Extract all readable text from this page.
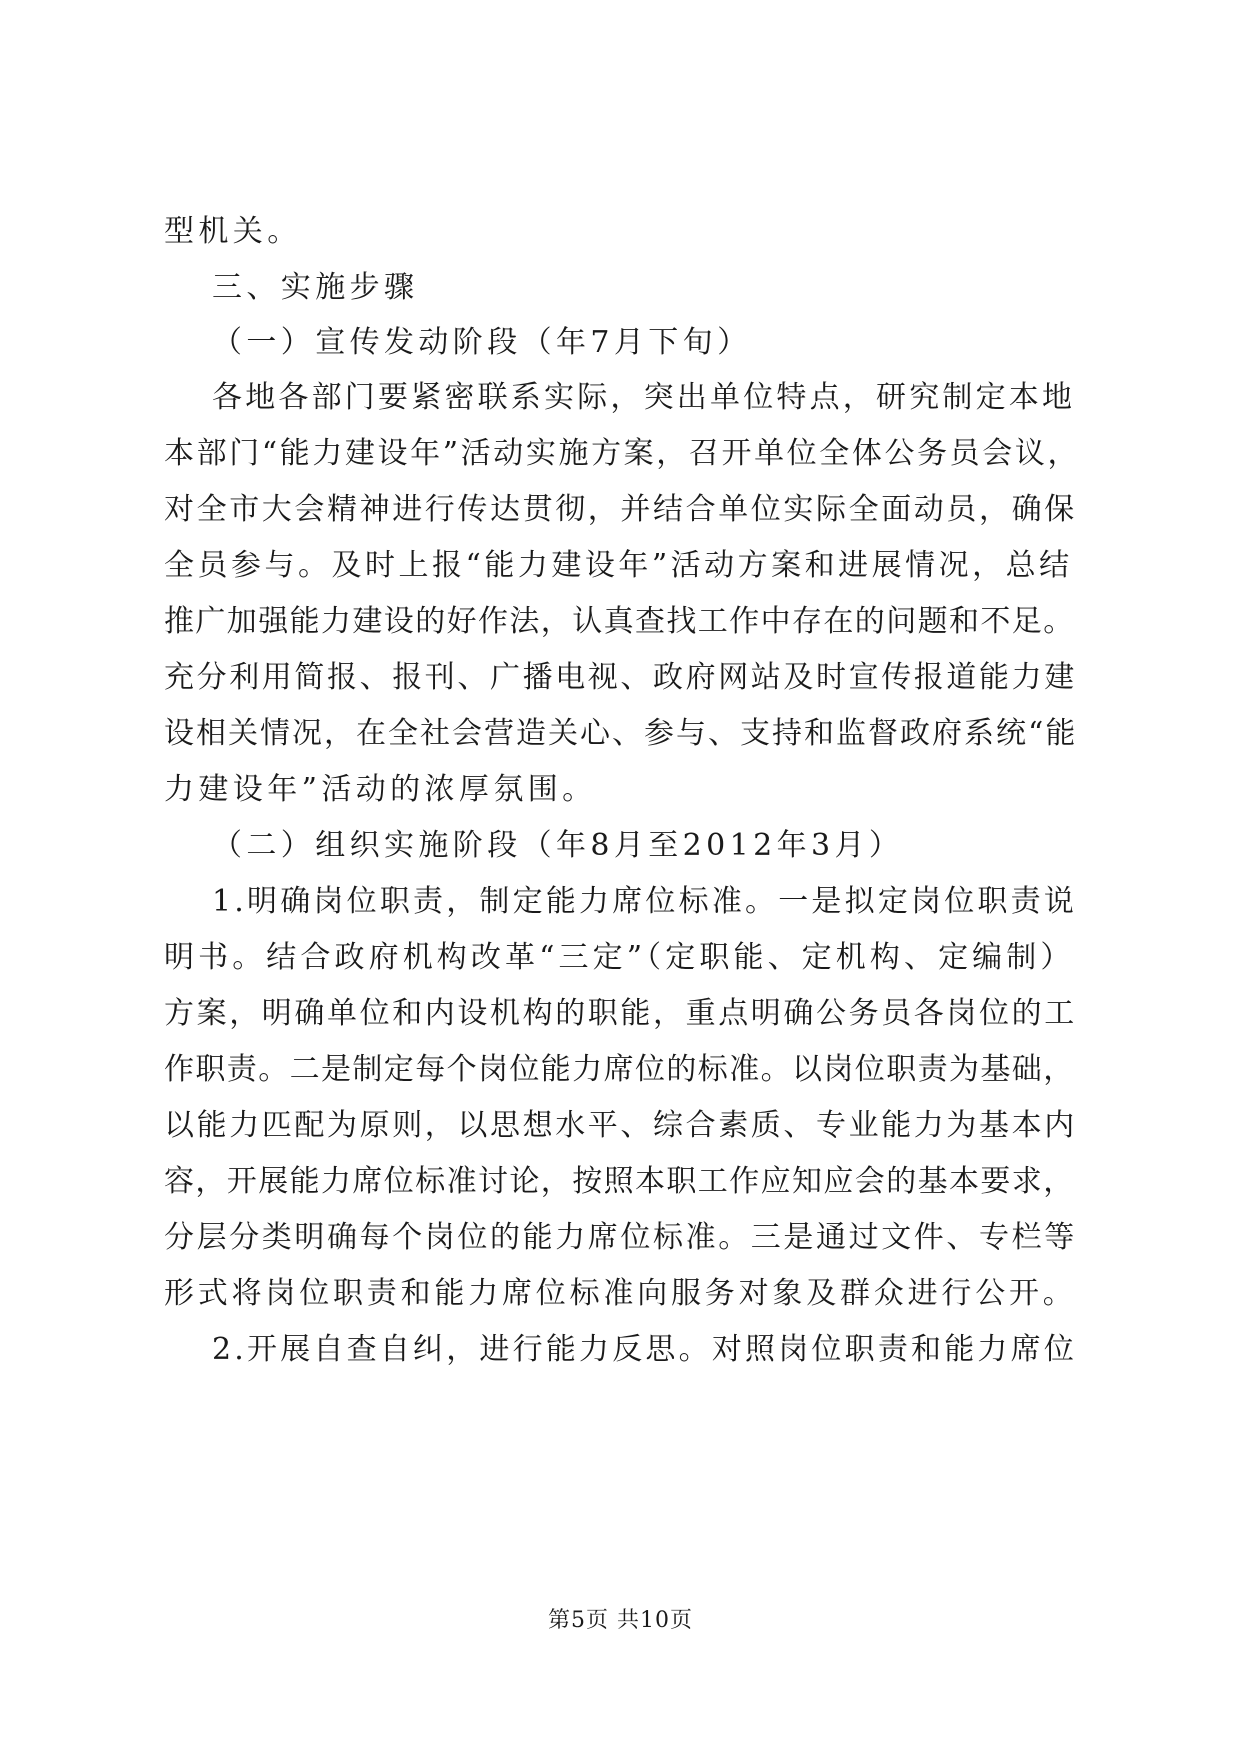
型机关。
三、实施步骤
（一）宣传发动阶段（年7月下旬）
各地各部门要紧密联系实际，突出单位特点，研究制定本地
本部门“能力建设年”活动实施方案，召开单位全体公务员会议，
对全市大会精神进行传达贯彻，并结合单位实际全面动员，确保
全员参与。及时上报“能力建设年”活动方案和进展情况，总结
推广加强能力建设的好作法，认真查找工作中存在的问题和不足。
充分利用简报、报刊、广播电视、政府网站及时宣传报道能力建
设相关情况，在全社会营造关心、参与、支持和监督政府系统“能
力建设年”活动的浓厚氛围。
（二）组织实施阶段（年8月至2012年3月）
1.明确岗位职责，制定能力席位标准。一是拟定岗位职责说
明书。结合政府机构改革“三定”（定职能、定机构、定编制）
方案，明确单位和内设机构的职能，重点明确公务员各岗位的工
作职责。二是制定每个岗位能力席位的标准。以岗位职责为基础，
以能力匹配为原则，以思想水平、综合素质、专业能力为基本内
容，开展能力席位标准讨论，按照本职工作应知应会的基本要求，
分层分类明确每个岗位的能力席位标准。三是通过文件、专栏等
形式将岗位职责和能力席位标准向服务对象及群众进行公开。
2.开展自查自纠，进行能力反思。对照岗位职责和能力席位
第5页 共10页
